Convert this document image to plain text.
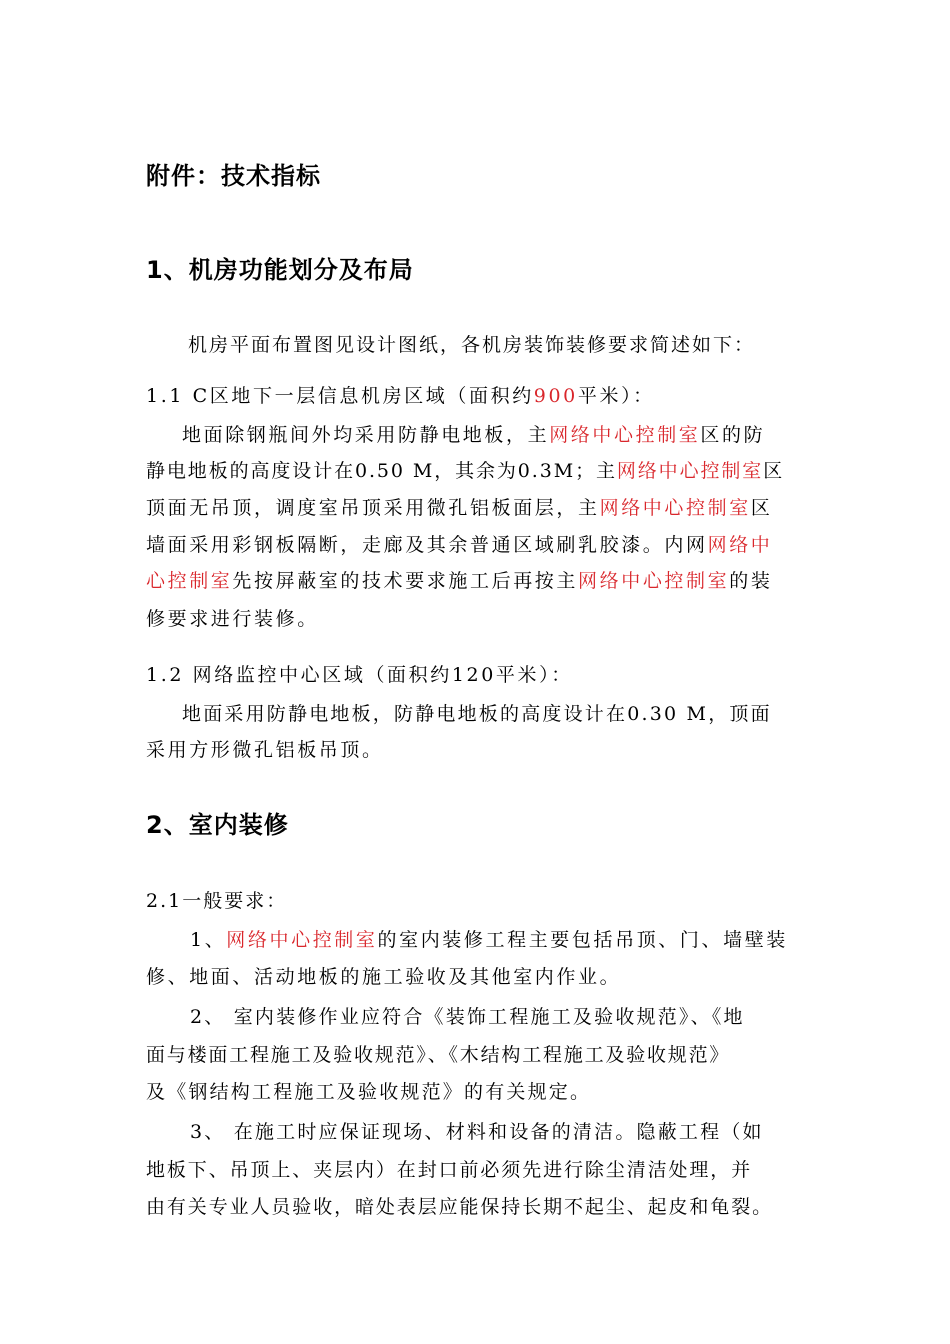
附件：技术指标
1、机房功能划分及布局
机房平面布置图见设计图纸，各机房装饰装修要求简述如下：
1.1 C区地下一层信息机房区域（面积约900平米）：
地面除钢瓶间外均采用防静电地板，主网络中心控制室区的防
静电地板的高度设计在0.50 M，其余为0.3M；主网络中心控制室区
顶面无吊顶，调度室吊顶采用微孔铝板面层，主网络中心控制室区
墙面采用彩钢板隔断，走廊及其余普通区域刷乳胶漆。内网网络中
心控制室先按屏蔽室的技术要求施工后再按主网络中心控制室的装
修要求进行装修。
1.2 网络监控中心区域（面积约120平米）：
地面采用防静电地板，防静电地板的高度设计在0.30 M，顶面
采用方形微孔铝板吊顶。
2、室内装修
2.1一般要求：
1、网络中心控制室的室内装修工程主要包括吊顶、门、墙壁装
修、地面、活动地板的施工验收及其他室内作业。
2、 室内装修作业应符合《装饰工程施工及验收规范》、《地
面与楼面工程施工及验收规范》、《木结构工程施工及验收规范》
及《钢结构工程施工及验收规范》的有关规定。
3、 在施工时应保证现场、材料和设备的清洁。隐蔽工程（如
地板下、吊顶上、夹层内）在封口前必须先进行除尘清洁处理，并
由有关专业人员验收，暗处表层应能保持长期不起尘、起皮和龟裂。
